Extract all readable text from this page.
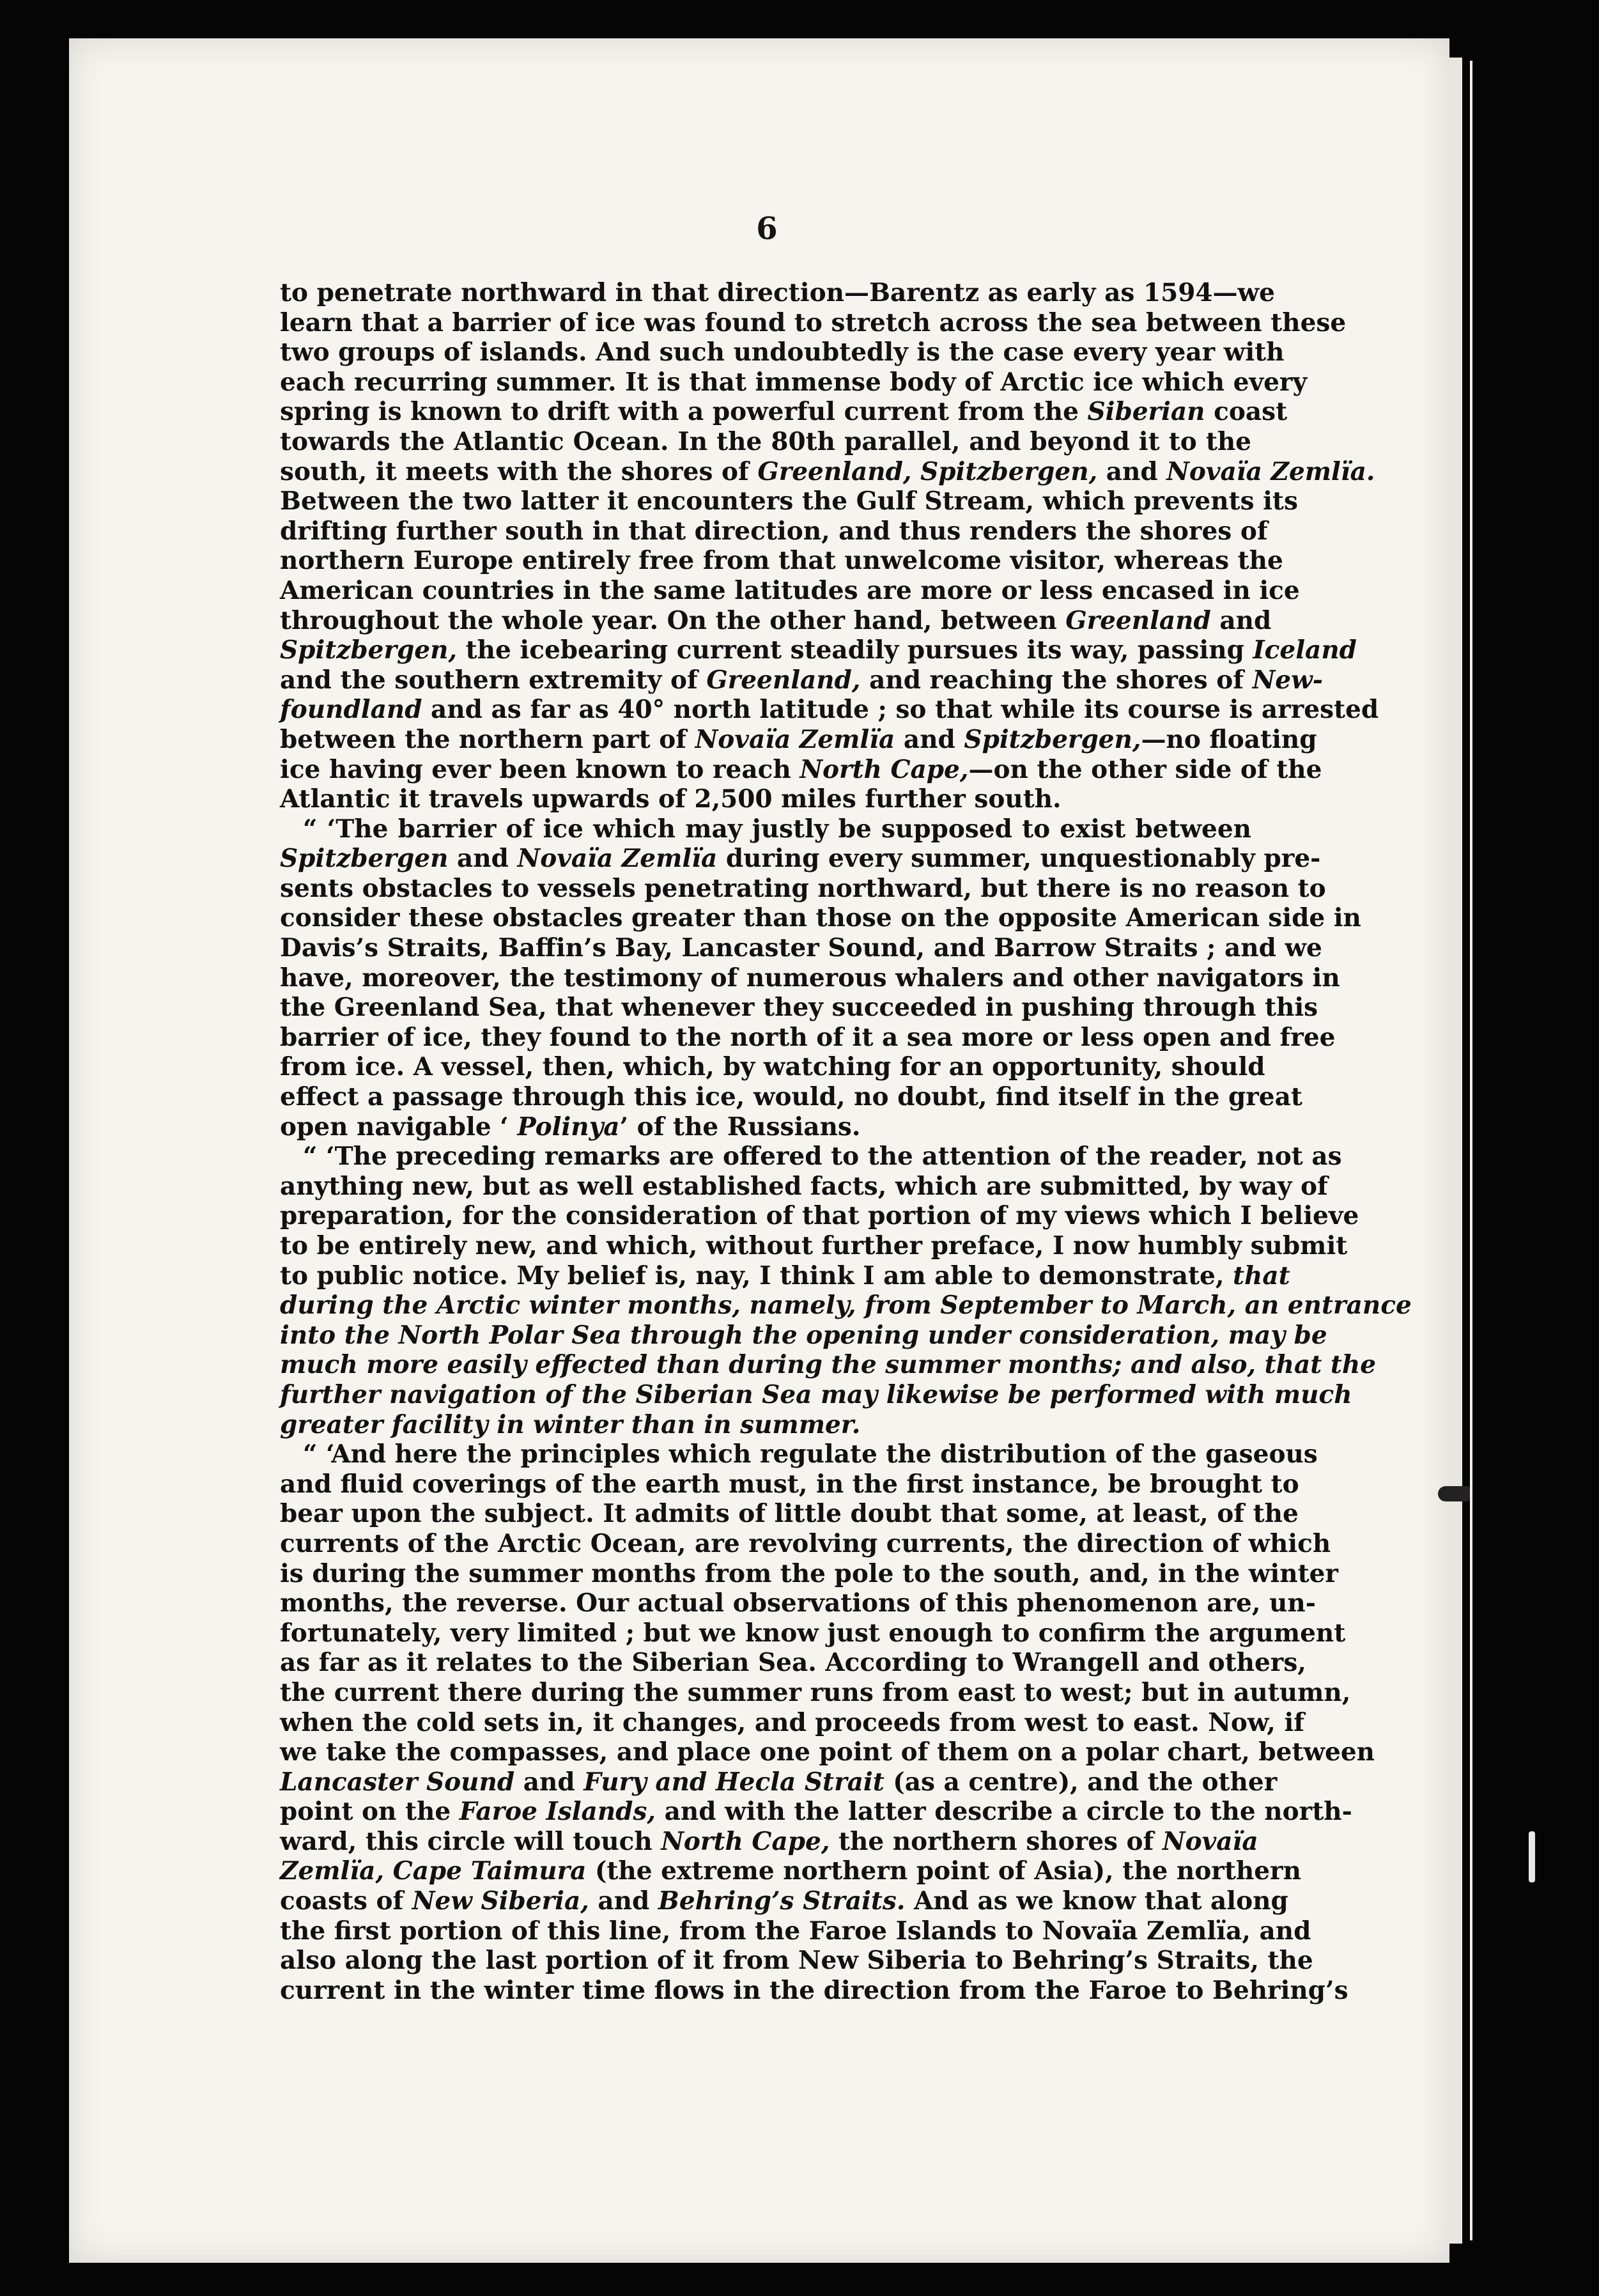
6
to penetrate northward in that direction—Barentz as early as 1594—we
learn that a barrier of ice was found to stretch across the sea between these
two groups of islands. And such undoubtedly is the case every year with
each recurring summer. It is that immense body of Arctic ice which every
spring is known to drift with a powerful current from the Siberian coast
towards the Atlantic Ocean. In the 80th parallel, and beyond it to the
south, it meets with the shores of Greenland, Spitzbergen, and Novaïa Zemlïa.
Between the two latter it encounters the Gulf Stream, which prevents its
drifting further south in that direction, and thus renders the shores of
northern Europe entirely free from that unwelcome visitor, whereas the
American countries in the same latitudes are more or less encased in ice
throughout the whole year. On the other hand, between Greenland and
Spitzbergen, the icebearing current steadily pursues its way, passing Iceland
and the southern extremity of Greenland, and reaching the shores of New-
foundland and as far as 40° north latitude ; so that while its course is arrested
between the northern part of Novaïa Zemlïa and Spitzbergen,—no floating
ice having ever been known to reach North Cape,—on the other side of the
Atlantic it travels upwards of 2,500 miles further south.
“ ‘The barrier of ice which may justly be supposed to exist between
Spitzbergen and Novaïa Zemlïa during every summer, unquestionably pre-
sents obstacles to vessels penetrating northward, but there is no reason to
consider these obstacles greater than those on the opposite American side in
Davis’s Straits, Baffin’s Bay, Lancaster Sound, and Barrow Straits ; and we
have, moreover, the testimony of numerous whalers and other navigators in
the Greenland Sea, that whenever they succeeded in pushing through this
barrier of ice, they found to the north of it a sea more or less open and free
from ice. A vessel, then, which, by watching for an opportunity, should
effect a passage through this ice, would, no doubt, find itself in the great
open navigable ‘ Polinya’ of the Russians.
“ ‘The preceding remarks are offered to the attention of the reader, not as
anything new, but as well established facts, which are submitted, by way of
preparation, for the consideration of that portion of my views which I believe
to be entirely new, and which, without further preface, I now humbly submit
to public notice. My belief is, nay, I think I am able to demonstrate, that
during the Arctic winter months, namely, from September to March, an entrance
into the North Polar Sea through the opening under consideration, may be
much more easily effected than during the summer months; and also, that the
further navigation of the Siberian Sea may likewise be performed with much
greater facility in winter than in summer.
“ ‘And here the principles which regulate the distribution of the gaseous
and fluid coverings of the earth must, in the first instance, be brought to
bear upon the subject. It admits of little doubt that some, at least, of the
currents of the Arctic Ocean, are revolving currents, the direction of which
is during the summer months from the pole to the south, and, in the winter
months, the reverse. Our actual observations of this phenomenon are, un-
fortunately, very limited ; but we know just enough to confirm the argument
as far as it relates to the Siberian Sea. According to Wrangell and others,
the current there during the summer runs from east to west; but in autumn,
when the cold sets in, it changes, and proceeds from west to east. Now, if
we take the compasses, and place one point of them on a polar chart, between
Lancaster Sound and Fury and Hecla Strait (as a centre), and the other
point on the Faroe Islands, and with the latter describe a circle to the north-
ward, this circle will touch North Cape, the northern shores of Novaïa
Zemlïa, Cape Taimura (the extreme northern point of Asia), the northern
coasts of New Siberia, and Behring’s Straits. And as we know that along
the first portion of this line, from the Faroe Islands to Novaïa Zemlïa, and
also along the last portion of it from New Siberia to Behring’s Straits, the
current in the winter time flows in the direction from the Faroe to Behring’s
